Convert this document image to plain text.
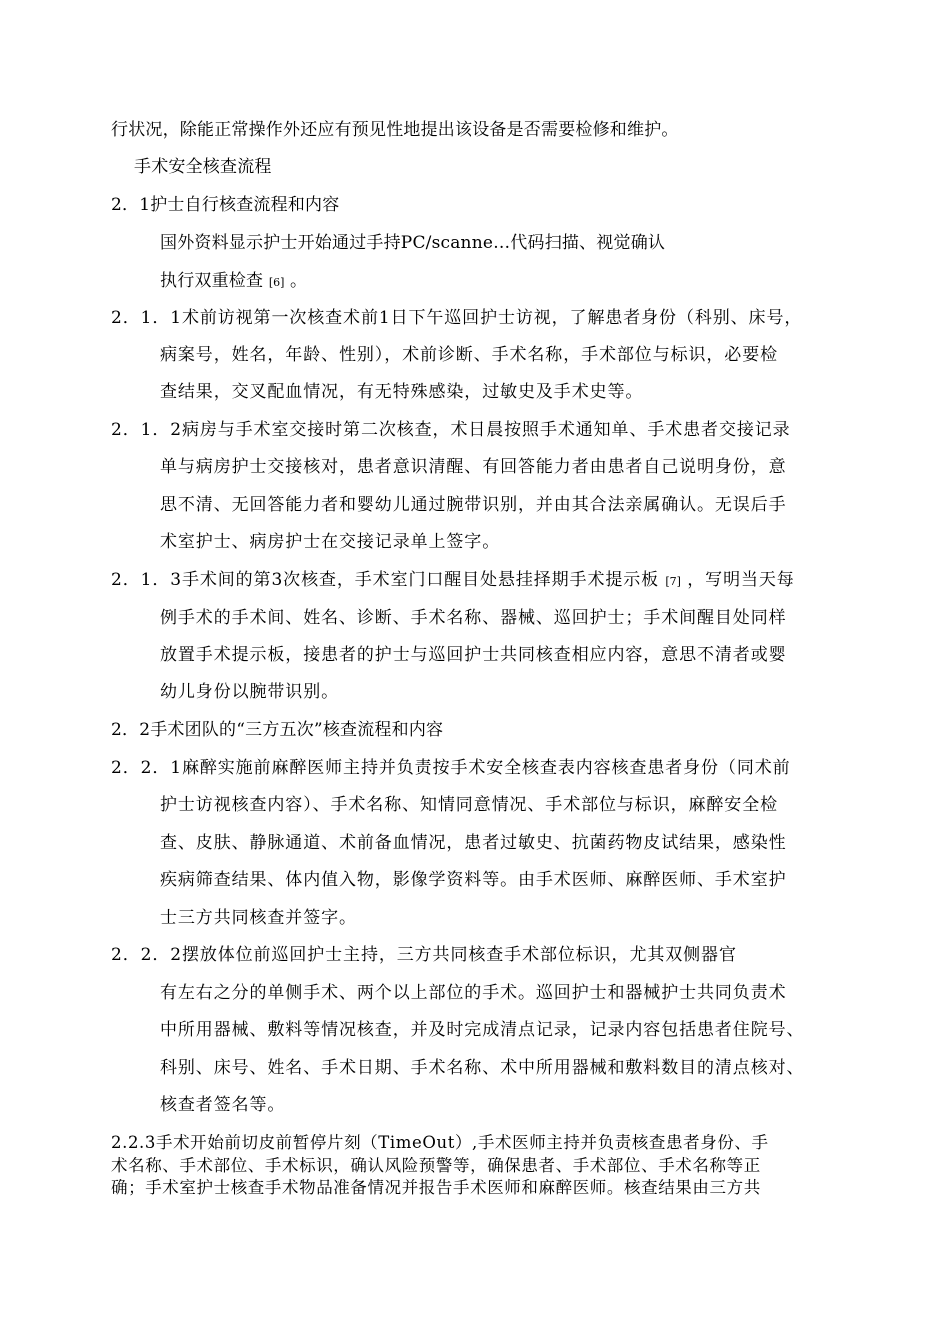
行状况，除能正常操作外还应有预见性地提出该设备是否需要检修和维护。
手术安全核查流程
2．1护士自行核查流程和内容
国外资料显示护士开始通过手持PC/scanne…代码扫描、视觉确认
执行双重检查 [6] 。
2．1．1术前访视第一次核查术前1日下午巡回护士访视，了解患者身份（科别、床号，
病案号，姓名，年龄、性别），术前诊断、手术名称，手术部位与标识，必要检
查结果，交叉配血情况，有无特殊感染，过敏史及手术史等。
2．1．2病房与手术室交接时第二次核查，术日晨按照手术通知单、手术患者交接记录
单与病房护士交接核对，患者意识清醒、有回答能力者由患者自己说明身份，意
思不清、无回答能力者和婴幼儿通过腕带识别，并由其合法亲属确认。无误后手
术室护士、病房护士在交接记录单上签字。
2．1．3手术间的第3次核查，手术室门口醒目处悬挂择期手术提示板 [7] ，写明当天每
例手术的手术间、姓名、诊断、手术名称、器械、巡回护士；手术间醒目处同样
放置手术提示板，接患者的护士与巡回护士共同核查相应内容，意思不清者或婴
幼儿身份以腕带识别。
2．2手术团队的“三方五次”核查流程和内容
2．2．1麻醉实施前麻醉医师主持并负责按手术安全核查表内容核查患者身份（同术前
护士访视核查内容）、手术名称、知情同意情况、手术部位与标识，麻醉安全检
查、皮肤、静脉通道、术前备血情况，患者过敏史、抗菌药物皮试结果，感染性
疾病筛查结果、体内值入物，影像学资料等。由手术医师、麻醉医师、手术室护
士三方共同核查并签字。
2．2．2摆放体位前巡回护士主持，三方共同核查手术部位标识，尤其双侧器官
有左右之分的单侧手术、两个以上部位的手术。巡回护士和器械护士共同负责术
中所用器械、敷料等情况核查，并及时完成清点记录，记录内容包括患者住院号、
科别、床号、姓名、手术日期、手术名称、术中所用器械和敷料数目的清点核对、
核查者签名等。
2.2.3手术开始前切皮前暂停片刻（TimeOut）,手术医师主持并负责核查患者身份、手
术名称、手术部位、手术标识，确认风险预警等，确保患者、手术部位、手术名称等正
确；手术室护士核查手术物品准备情况并报告手术医师和麻醉医师。核查结果由三方共
